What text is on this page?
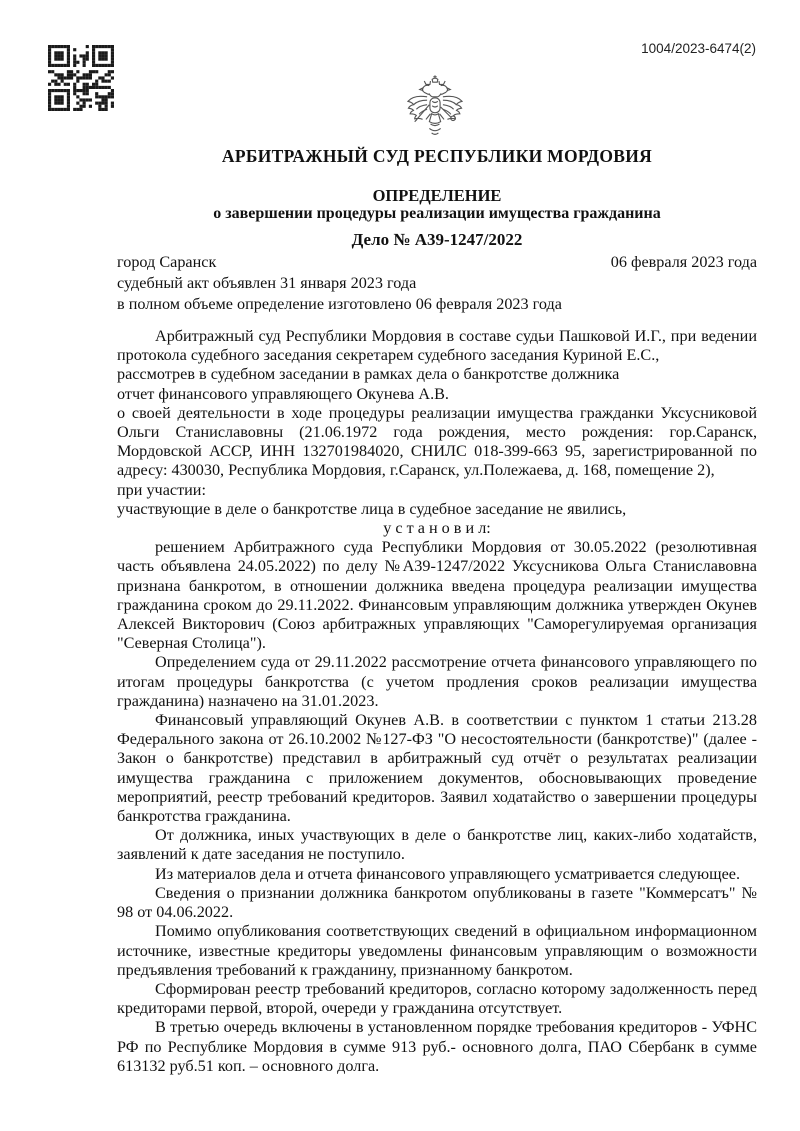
1004/2023-6474(2)
АРБИТРАЖНЫЙ СУД РЕСПУБЛИКИ МОРДОВИЯ
ОПРЕДЕЛЕНИЕ
о завершении процедуры реализации имущества гражданина
Дело № А39-1247/2022
город Саранск	06 февраля 2023 года
судебный акт объявлен 31 января 2023 года
в полном объеме определение изготовлено 06 февраля 2023 года

Арбитражный суд Республики Мордовия в составе судьи Пашковой И.Г., при ведении протокола судебного заседания секретарем судебного заседания Куриной Е.С.,

рассмотрев в судебном заседании в рамках дела о банкротстве должника

отчет финансового управляющего Окунева А.В.

о своей деятельности в ходе процедуры реализации имущества гражданки Уксусниковой Ольги Станиславовны (21.06.1972 года рождения, место рождения: гор.Саранск, Мордовской АССР, ИНН 132701984020, СНИЛС 018-399-663 95, зарегистрированной по адресу: 430030, Республика Мордовия, г.Саранск, ул.Полежаева, д. 168, помещение 2),

при участии:

участвующие в деле о банкротстве лица в судебное заседание не явились,

у с т а н о в и л:

решением Арбитражного суда Республики Мордовия от 30.05.2022 (резолютивная часть объявлена 24.05.2022) по делу №А39-1247/2022 Уксусникова Ольга Станиславовна признана банкротом, в отношении должника введена процедура реализации имущества гражданина сроком до 29.11.2022. Финансовым управляющим должника утвержден Окунев Алексей Викторович (Союз арбитражных управляющих "Саморегулируемая организация "Северная Столица").

Определением суда от 29.11.2022 рассмотрение отчета финансового управляющего по итогам процедуры банкротства (с учетом продления сроков реализации имущества гражданина) назначено на 31.01.2023.

Финансовый управляющий Окунев А.В. в соответствии с пунктом 1 статьи 213.28 Федерального закона от 26.10.2002 №127-ФЗ "О несостоятельности (банкротстве)" (далее - Закон о банкротстве) представил в арбитражный суд отчёт о результатах реализации имущества гражданина с приложением документов, обосновывающих проведение мероприятий, реестр требований кредиторов. Заявил ходатайство о завершении процедуры банкротства гражданина.

От должника, иных участвующих в деле о банкротстве лиц, каких-либо ходатайств, заявлений к дате заседания не поступило.

Из материалов дела и отчета финансового управляющего усматривается следующее.

Сведения о признании должника банкротом опубликованы в газете "Коммерсатъ" № 98 от 04.06.2022.

Помимо опубликования соответствующих сведений в официальном информационном источнике, известные кредиторы уведомлены финансовым управляющим о возможности предъявления требований к гражданину, признанному банкротом.

Сформирован реестр требований кредиторов, согласно которому задолженность перед кредиторами первой, второй, очереди у гражданина отсутствует.

В третью очередь включены в установленном порядке требования кредиторов - УФНС РФ по Республике Мордовия в сумме 913 руб.- основного долга, ПАО Сбербанк в сумме 613132 руб.51 коп. – основного долга.
